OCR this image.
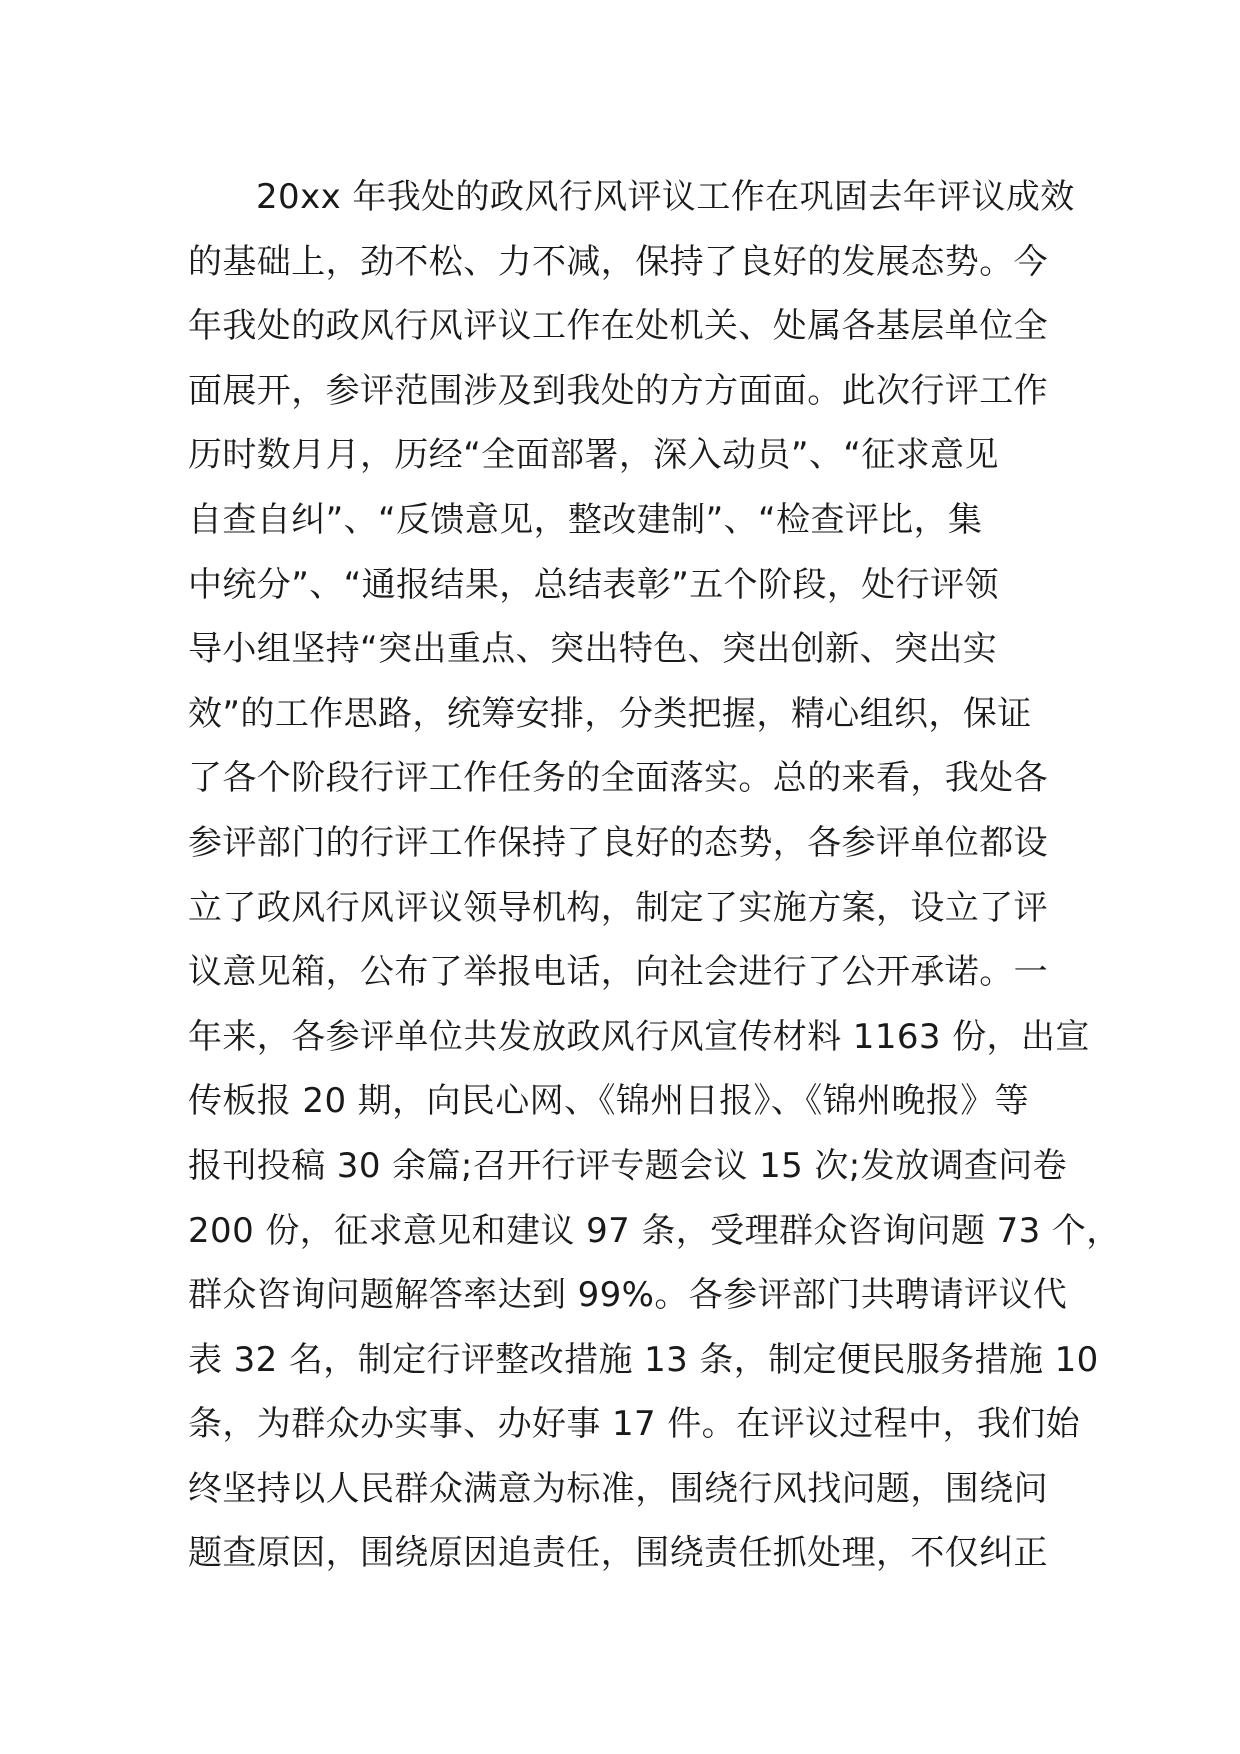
20xx 年我处的政风行风评议工作在巩固去年评议成效
的基础上，劲不松、力不减，保持了良好的发展态势。今
年我处的政风行风评议工作在处机关、处属各基层单位全
面展开，参评范围涉及到我处的方方面面。此次行评工作
历时数月月，历经“全面部署，深入动员”、“征求意见
自查自纠”、“反馈意见，整改建制”、“检查评比，集
中统分”、“通报结果，总结表彰”五个阶段，处行评领
导小组坚持“突出重点、突出特色、突出创新、突出实
效”的工作思路，统筹安排，分类把握，精心组织，保证
了各个阶段行评工作任务的全面落实。总的来看，我处各
参评部门的行评工作保持了良好的态势，各参评单位都设
立了政风行风评议领导机构，制定了实施方案，设立了评
议意见箱，公布了举报电话，向社会进行了公开承诺。一
年来，各参评单位共发放政风行风宣传材料 1163 份，出宣
传板报 20 期，向民心网、《锦州日报》、《锦州晚报》等
报刊投稿 30 余篇;召开行评专题会议 15 次;发放调查问卷
200 份，征求意见和建议 97 条，受理群众咨询问题 73 个，
群众咨询问题解答率达到 99%。各参评部门共聘请评议代
表 32 名，制定行评整改措施 13 条，制定便民服务措施 10
条，为群众办实事、办好事 17 件。在评议过程中，我们始
终坚持以人民群众满意为标准，围绕行风找问题，围绕问
题查原因，围绕原因追责任，围绕责任抓处理，不仅纠正
